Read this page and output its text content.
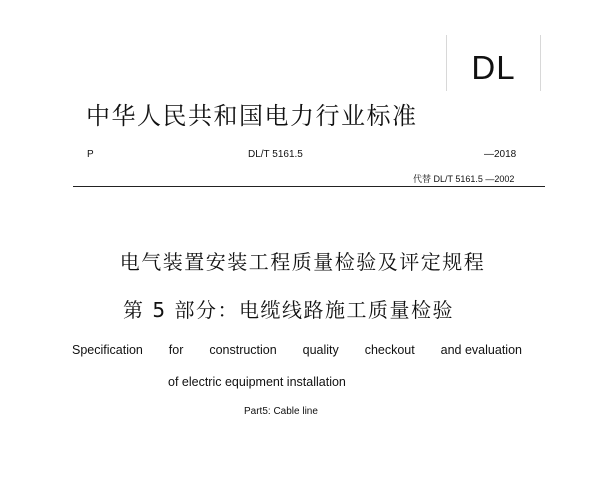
DL
中华人民共和国电力行业标准
P	DL/T 5161.5	—2018
代替 DL/T 5161.5 —2002
电气装置安装工程质量检验及评定规程
第 5 部分：电缆线路施工质量检验
Specification for construction quality checkout and evaluation
of electric equipment installation
Part5: Cable line
